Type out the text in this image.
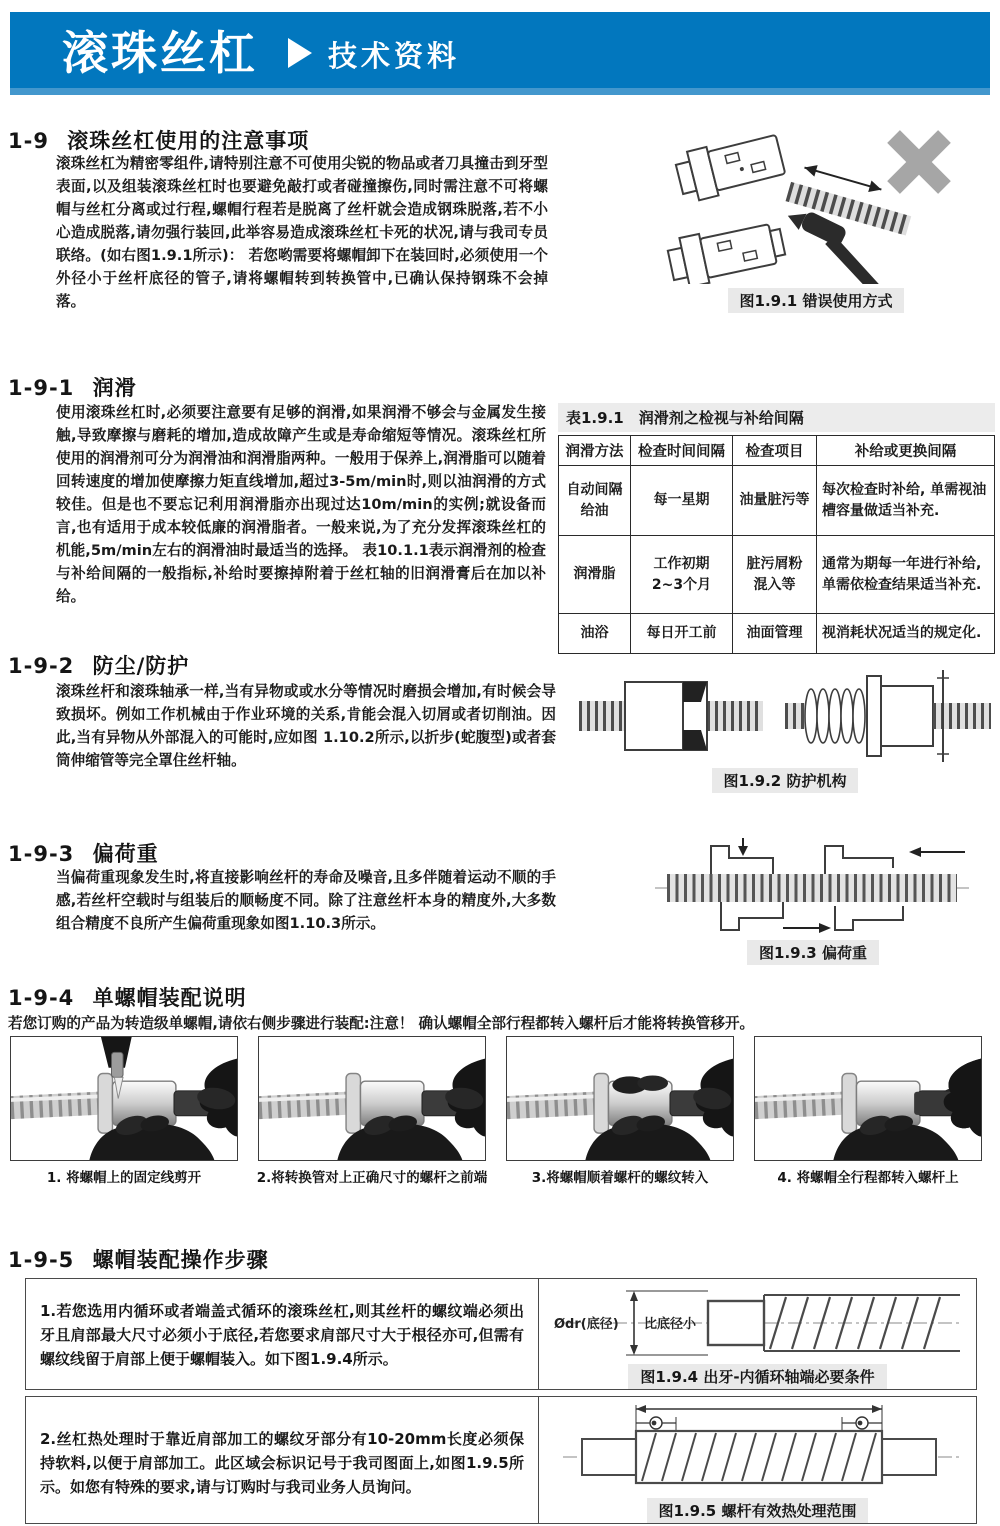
滚珠丝杠 技术资料
1-9 滚珠丝杠使用的注意事项
滚珠丝杠为精密零组件,请特别注意不可使用尖锐的物品或者刀具撞击到牙型表面,以及组装滚珠丝杠时也要避免敲打或者碰撞擦伤,同时需注意不可将螺帽与丝杠分离或过行程,螺帽行程若是脱离了丝杆就会造成钢珠脱落,若不小心造成脱落,请勿强行装回,此举容易造成滚珠丝杠卡死的状况,请与我司专员联络。(如右图1.9.1所示)： 若您哟需要将螺帽卸下在装回时,必须使用一个外径小于丝杆底径的管子,请将螺帽转到转换管中,已确认保持钢珠不会掉落。	图1.9.1 错误使用方式
1-9-1 润滑
使用滚珠丝杠时,必须要注意要有足够的润滑,如果润滑不够会与金属发生接触,导致摩擦与磨耗的增加,造成故障产生或是寿命缩短等情况。滚珠丝杠所使用的润滑剂可分为润滑油和润滑脂两种。一般用于保养上,润滑脂可以随着回转速度的增加使摩擦力矩直线增加,超过3-5m/min时,则以油润滑的方式较佳。但是也不要忘记利用润滑脂亦出现过达10m/min的实例;就设备而言,也有适用于成本较低廉的润滑脂者。一般来说,为了充分发挥滚珠丝杠的机能,5m/min左右的润滑油时最适当的选择。 表10.1.1表示润滑剂的检查与补给间隔的一般指标,补给时要擦掉附着于丝杠轴的旧润滑膏后在加以补给。
表1.9.1　润滑剂之检视与补给间隔
润滑方法	检查时间间隔	检查项目	补给或更换间隔
自动间隔给油	每一星期	油量脏污等	每次检查时补给, 单需视油槽容量做适当补充.
润滑脂	工作初期 2~3个月	脏污屑粉 混入等	通常为期每一年进行补给,单需依检查结果适当补充.
油浴	每日开工前	油面管理	视消耗状况适当的规定化.
1-9-2 防尘/防护
滚珠丝杆和滚珠轴承一样,当有异物或或水分等情况时磨损会增加,有时候会导致损坏。例如工作机械由于作业环境的关系,肯能会混入切屑或者切削油。因此,当有异物从外部混入的可能时,应如图 1.10.2所示,以折步(蛇腹型)或者套筒伸缩管等完全罩住丝杆轴。
图1.9.2 防护机构
1-9-3 偏荷重
当偏荷重现象发生时,将直接影响丝杆的寿命及噪音,且多伴随着运动不顺的手感,若丝杆空载时与组装后的顺畅度不同。除了注意丝杆本身的精度外,大多数组合精度不良所产生偏荷重现象如图1.10.3所示。
图1.9.3 偏荷重
1-9-4 单螺帽装配说明
若您订购的产品为转造级单螺帽,请依右侧步骤进行装配:注意！ 确认螺帽全部行程都转入螺杆后才能将转换管移开。
1. 将螺帽上的固定线剪开	2.将转换管对上正确尺寸的螺杆之前端	3.将螺帽顺着螺杆的螺纹转入	4. 将螺帽全行程都转入螺杆上
1-9-5 螺帽装配操作步骤
1.若您选用内循环或者端盖式循环的滚珠丝杠,则其丝杆的螺纹端必须出牙且肩部最大尺寸必须小于底径,若您要求肩部尺寸大于根径亦可,但需有螺纹线留于肩部上便于螺帽装入。如下图1.9.4所示。
Ødr(底径) 比底径小
图1.9.4 出牙-内循环轴端必要条件
2.丝杠热处理时于靠近肩部加工的螺纹牙部分有10-20mm长度必须保持软料,以便于肩部加工。此区域会标识记号于我司图面上,如图1.9.5所示。如您有特殊的要求,请与订购时与我司业务人员询问。
图1.9.5 螺杆有效热处理范围
